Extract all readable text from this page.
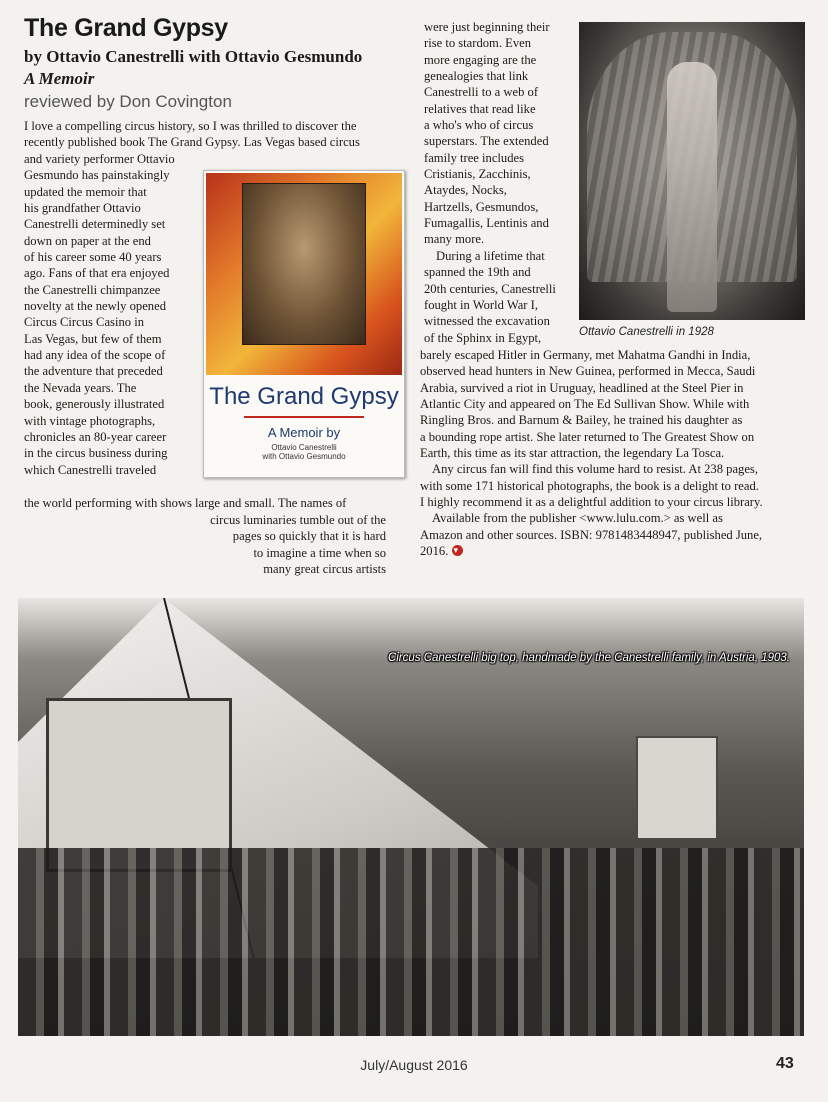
The Grand Gypsy
by Ottavio Canestrelli with Ottavio Gesmundo
A Memoir
reviewed by Don Covington
I love a compelling circus history, so I was thrilled to discover the
recently published book The Grand Gypsy. Las Vegas based circus
and variety performer Ottavio
Gesmundo has painstakingly
updated the memoir that
his grandfather Ottavio
Canestrelli determinedly set
down on paper at the end
of his career some 40 years
ago. Fans of that era enjoyed
the Canestrelli chimpanzee
novelty at the newly opened
Circus Circus Casino in
Las Vegas, but few of them
had any idea of the scope of
the adventure that preceded
the Nevada years. The
book, generously illustrated
with vintage photographs,
chronicles an 80-year career
in the circus business during
which Canestrelli traveled
the world performing with shows large and small. The names of
circus luminaries tumble out of the
pages so quickly that it is hard
to imagine a time when so
many great circus artists
The Grand Gypsy
A Memoir by
Ottavio Canestrelli
with Ottavio Gesmundo
were just beginning their
rise to stardom. Even
more engaging are the
genealogies that link
Canestrelli to a web of
relatives that read like
a who's who of circus
superstars. The extended
family tree includes
Cristianis, Zacchinis,
Ataydes, Nocks,
Hartzells, Gesmundos,
Fumagallis, Lentinis and
many more.
During a lifetime that
spanned the 19th and
20th centuries, Canestrelli
fought in World War I,
witnessed the excavation
of the Sphinx in Egypt,
barely escaped Hitler in Germany, met Mahatma Gandhi in India,
observed head hunters in New Guinea, performed in Mecca, Saudi
Arabia, survived a riot in Uruguay, headlined at the Steel Pier in
Atlantic City and appeared on The Ed Sullivan Show. While with
Ringling Bros. and Barnum & Bailey, he trained his daughter as
a bounding rope artist. She later returned to The Greatest Show on
Earth, this time as its star attraction, the legendary La Tosca.
Any circus fan will find this volume hard to resist. At 238 pages,
with some 171 historical photographs, the book is a delight to read.
I highly recommend it as a delightful addition to your circus library.
Available from the publisher <www.lulu.com.> as well as
Amazon and other sources. ISBN: 9781483448947, published June,
2016. ▾
Ottavio Canestrelli in 1928
Circus Canestrelli big top, handmade by the Canestrelli family, in Austria, 1903.
July/August 2016	43
